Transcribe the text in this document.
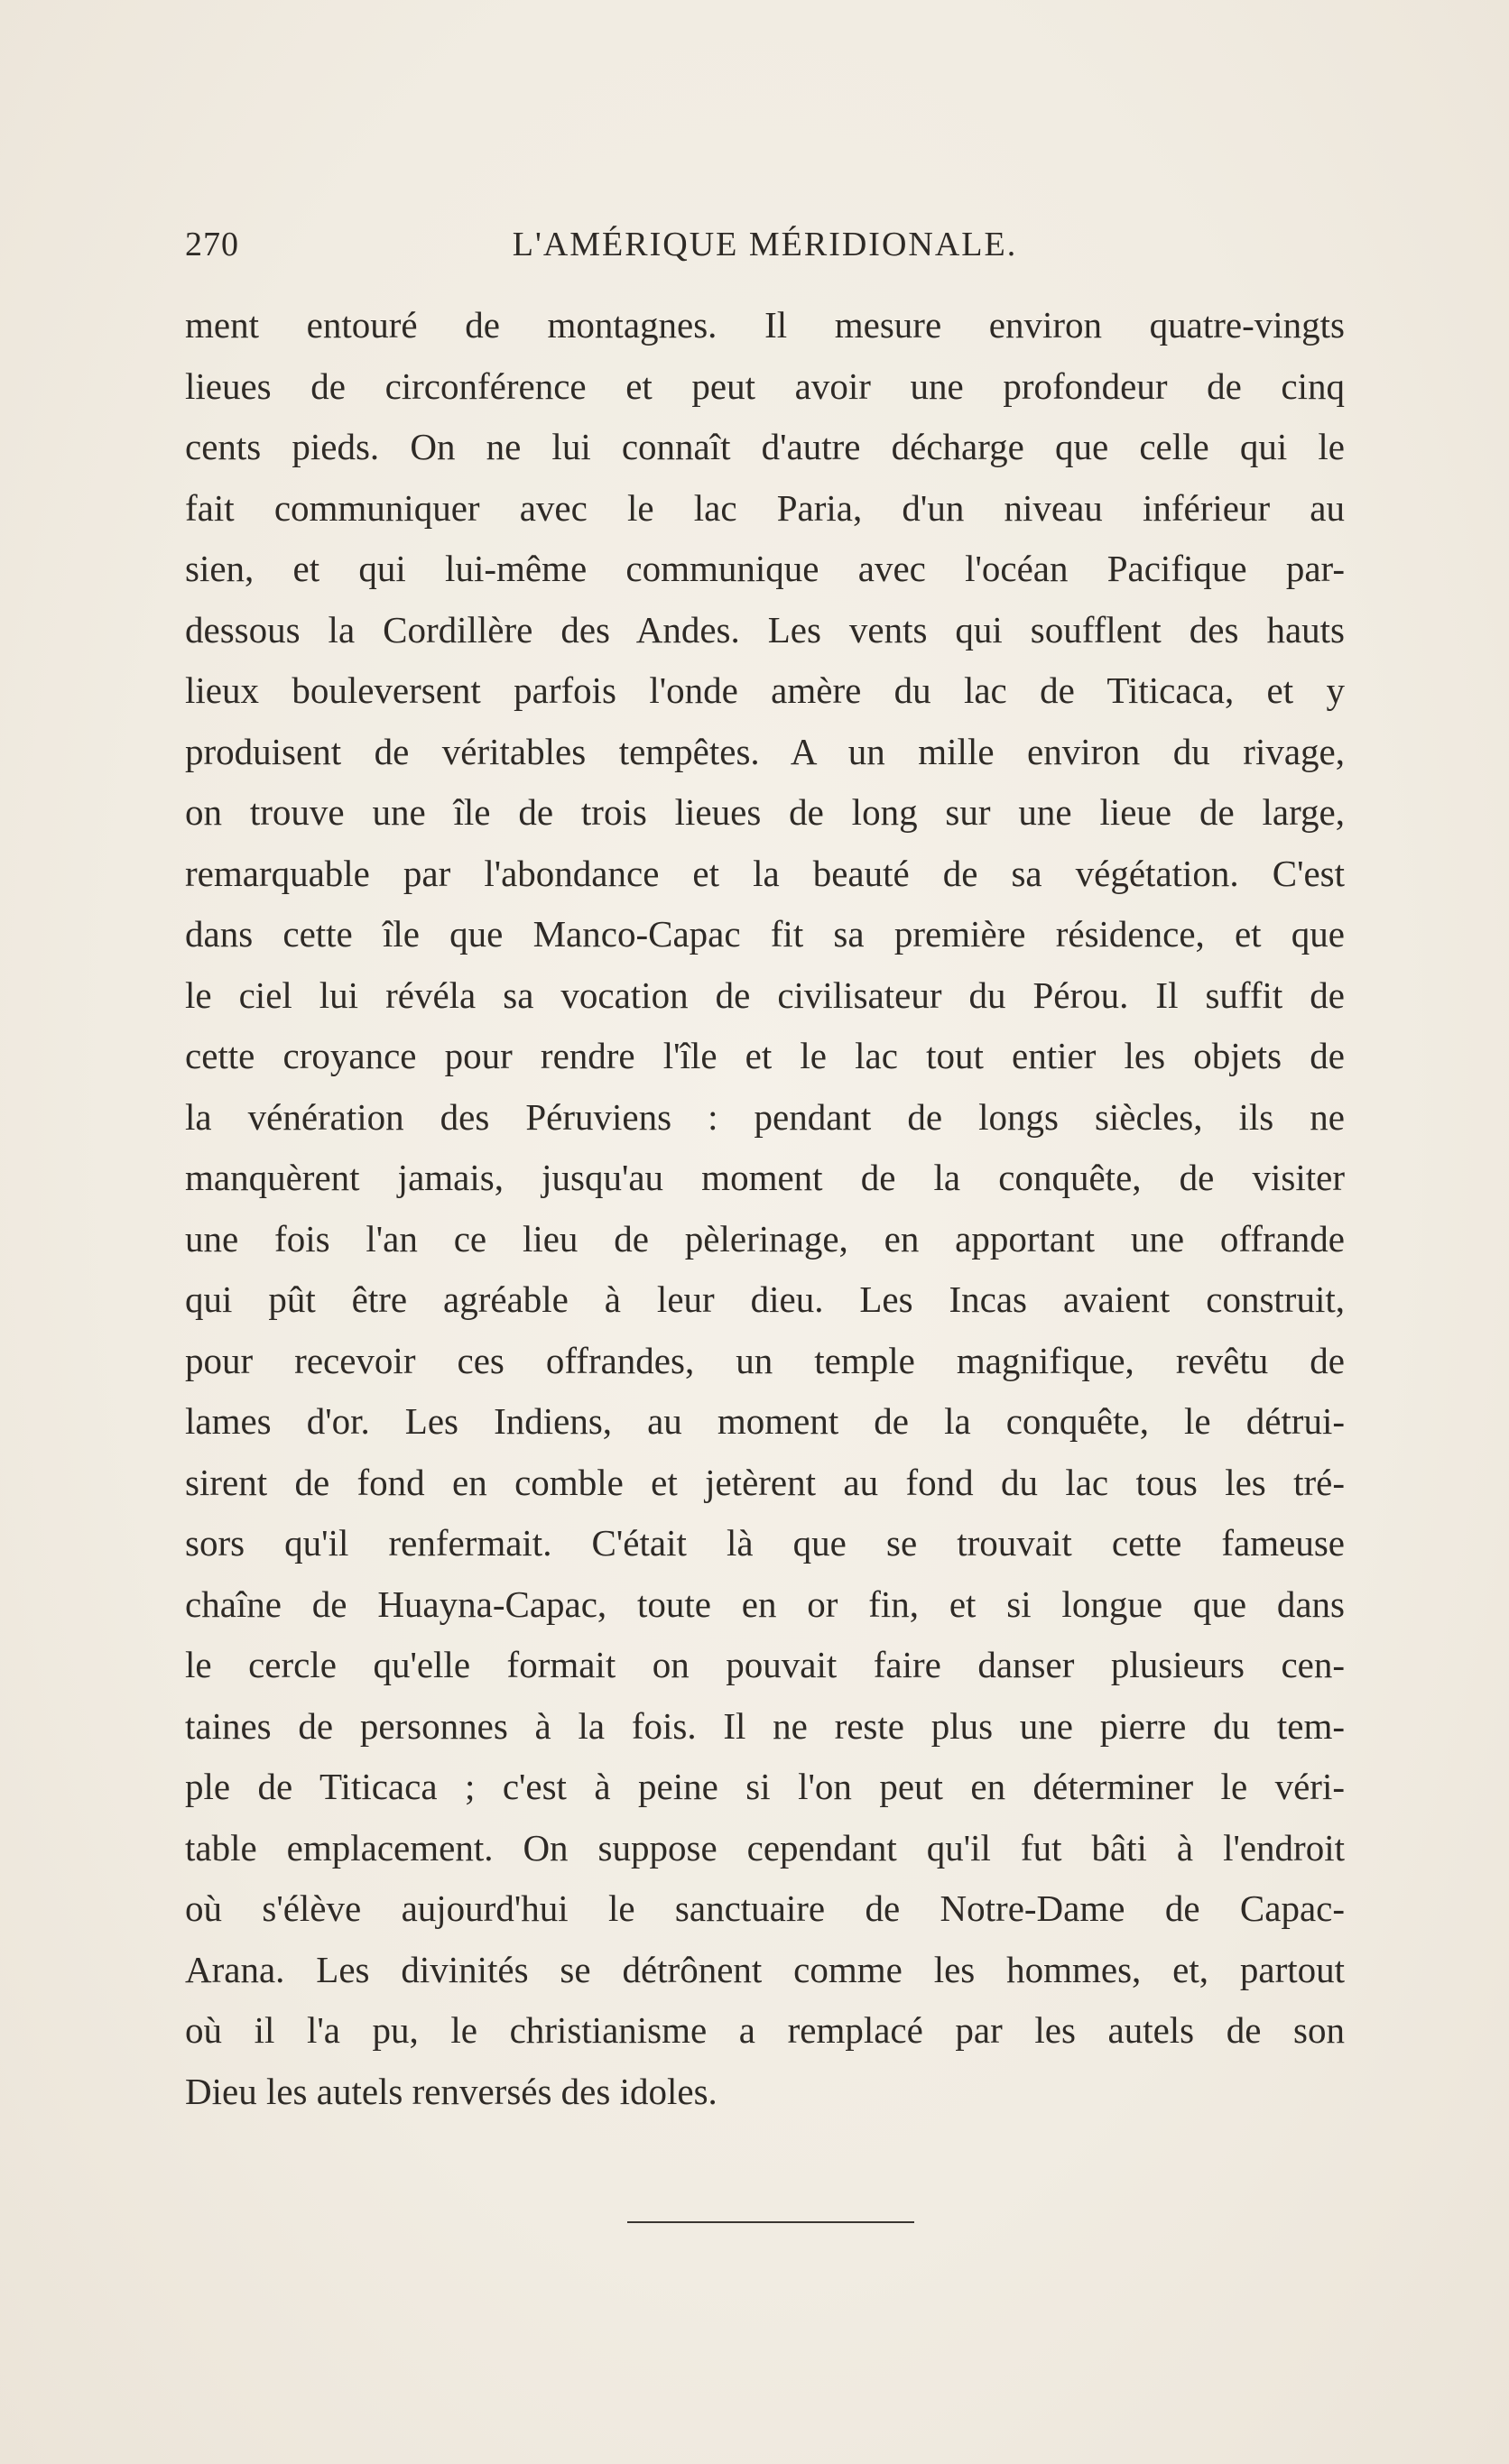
270	L'AMÉRIQUE MÉRIDIONALE.
ment entouré de montagnes. Il mesure environ quatre-vingts
lieues de circonférence et peut avoir une profondeur de cinq
cents pieds. On ne lui connaît d'autre décharge que celle qui le
fait communiquer avec le lac Paria, d'un niveau inférieur au
sien, et qui lui-même communique avec l'océan Pacifique par-
dessous la Cordillère des Andes. Les vents qui soufflent des hauts
lieux bouleversent parfois l'onde amère du lac de Titicaca, et y
produisent de véritables tempêtes. A un mille environ du rivage,
on trouve une île de trois lieues de long sur une lieue de large,
remarquable par l'abondance et la beauté de sa végétation. C'est
dans cette île que Manco-Capac fit sa première résidence, et que
le ciel lui révéla sa vocation de civilisateur du Pérou. Il suffit de
cette croyance pour rendre l'île et le lac tout entier les objets de
la vénération des Péruviens : pendant de longs siècles, ils ne
manquèrent jamais, jusqu'au moment de la conquête, de visiter
une fois l'an ce lieu de pèlerinage, en apportant une offrande
qui pût être agréable à leur dieu. Les Incas avaient construit,
pour recevoir ces offrandes, un temple magnifique, revêtu de
lames d'or. Les Indiens, au moment de la conquête, le détrui-
sirent de fond en comble et jetèrent au fond du lac tous les tré-
sors qu'il renfermait. C'était là que se trouvait cette fameuse
chaîne de Huayna-Capac, toute en or fin, et si longue que dans
le cercle qu'elle formait on pouvait faire danser plusieurs cen-
taines de personnes à la fois. Il ne reste plus une pierre du tem-
ple de Titicaca ; c'est à peine si l'on peut en déterminer le véri-
table emplacement. On suppose cependant qu'il fut bâti à l'endroit
où s'élève aujourd'hui le sanctuaire de Notre-Dame de Capac-
Arana. Les divinités se détrônent comme les hommes, et, partout
où il l'a pu, le christianisme a remplacé par les autels de son
Dieu les autels renversés des idoles.
